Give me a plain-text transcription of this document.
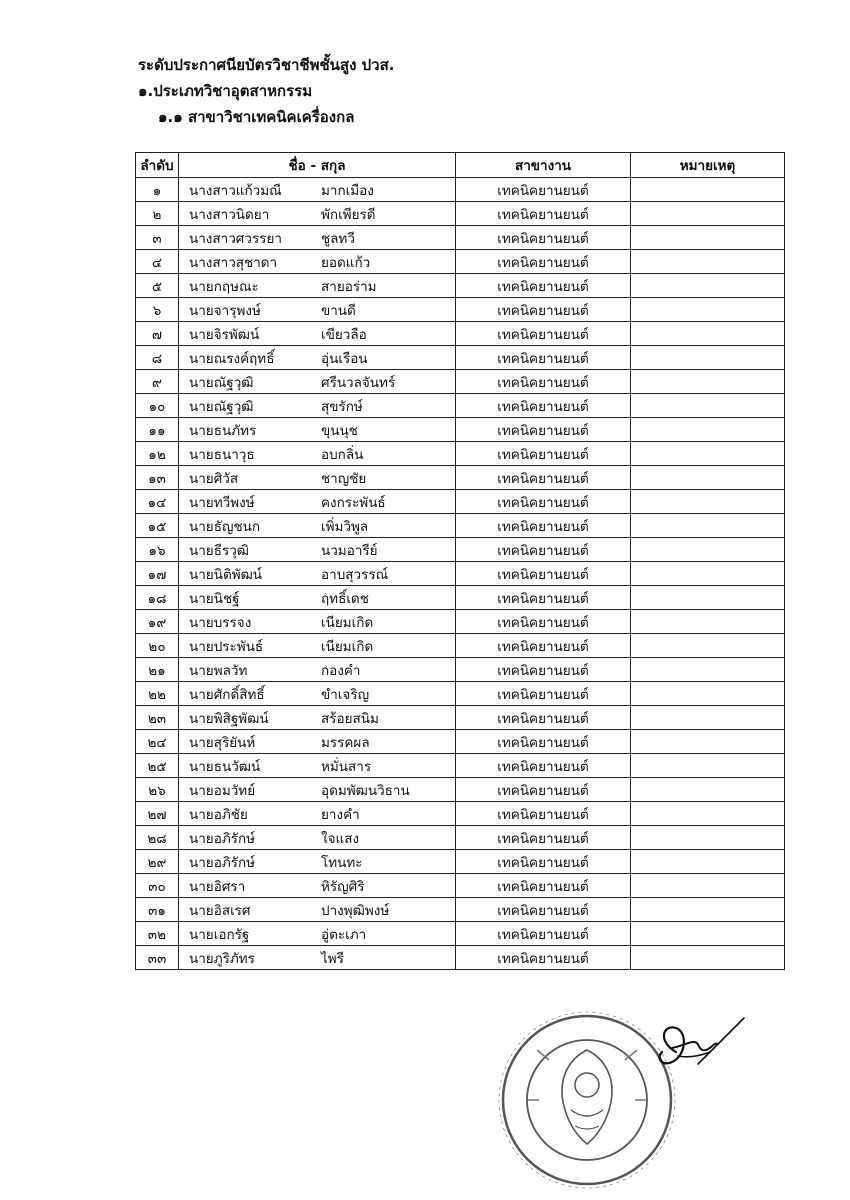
ระดับประกาศนียบัตรวิชาชีพชั้นสูง ปวส.
๑.ประเภทวิชาอุตสาหกรรม
๑.๑ สาขาวิชาเทคนิคเครื่องกล
ลำดับ	ชื่อ - สกุล	สาขางาน	หมายเหตุ
๑	นางสาวแก้วมณี มากเมือง	เทคนิคยานยนต์	
๒	นางสาวนิดยา พักเพียรดี	เทคนิคยานยนต์	
๓	นางสาวศวรรยา ชูลทวี	เทคนิคยานยนต์	
๔	นางสาวสุชาดา ยอดแก้ว	เทคนิคยานยนต์	
๕	นายกฤษณะ สายอร่าม	เทคนิคยานยนต์	
๖	นายจารุพงษ์ ขานดี	เทคนิคยานยนต์	
๗	นายจิรพัฒน์ เขียวลือ	เทคนิคยานยนต์	
๘	นายณรงค์ฤทธิ์ อุ่นเรือน	เทคนิคยานยนต์	
๙	นายณัฐวุฒิ ศรีนวลจันทร์	เทคนิคยานยนต์	
๑๐	นายณัฐวุฒิ สุขรักษ์	เทคนิคยานยนต์	
๑๑	นายธนภัทร ขุนนุช	เทคนิคยานยนต์	
๑๒	นายธนาวุธ อบกลิ่น	เทคนิคยานยนต์	
๑๓	นายศิวัส ชาญชัย	เทคนิคยานยนต์	
๑๔	นายทวีพงษ์ คงกระพันธ์	เทคนิคยานยนต์	
๑๕	นายธัญชนก เพิ่มวิพูล	เทคนิคยานยนต์	
๑๖	นายธีรวุฒิ นวมอารีย์	เทคนิคยานยนต์	
๑๗	นายนิติพัฒน์ อาบสุวรรณ์	เทคนิคยานยนต์	
๑๘	นายนิชฐ์ ฤทธิ์เดช	เทคนิคยานยนต์	
๑๙	นายบรรจง เนียมเกิด	เทคนิคยานยนต์	
๒๐	นายประพันธ์ เนียมเกิด	เทคนิคยานยนต์	
๒๑	นายพลวัท กองคำ	เทคนิคยานยนต์	
๒๒	นายศักดิ์สิทธิ์ ขำเจริญ	เทคนิคยานยนต์	
๒๓	นายพิสิฐพัฒน์ สร้อยสนิม	เทคนิคยานยนต์	
๒๔	นายสุริยันห์ มรรคผล	เทคนิคยานยนต์	
๒๕	นายธนวัฒน์ หมั่นสาร	เทคนิคยานยนต์	
๒๖	นายอมวัทย์ อุดมพัฒนวิธาน	เทคนิคยานยนต์	
๒๗	นายอภิชัย ยางคำ	เทคนิคยานยนต์	
๒๘	นายอภิรักษ์ ใจแสง	เทคนิคยานยนต์	
๒๙	นายอภิรักษ์ โทนทะ	เทคนิคยานยนต์	
๓๐	นายอิศรา หิรัญศิริ	เทคนิคยานยนต์	
๓๑	นายอิสเรศ ปางพุฒิพงษ์	เทคนิคยานยนต์	
๓๒	นายเอกรัฐ อู่ตะเภา	เทคนิคยานยนต์	
๓๓	นายภูริภัทร ไพรี	เทคนิคยานยนต์	
